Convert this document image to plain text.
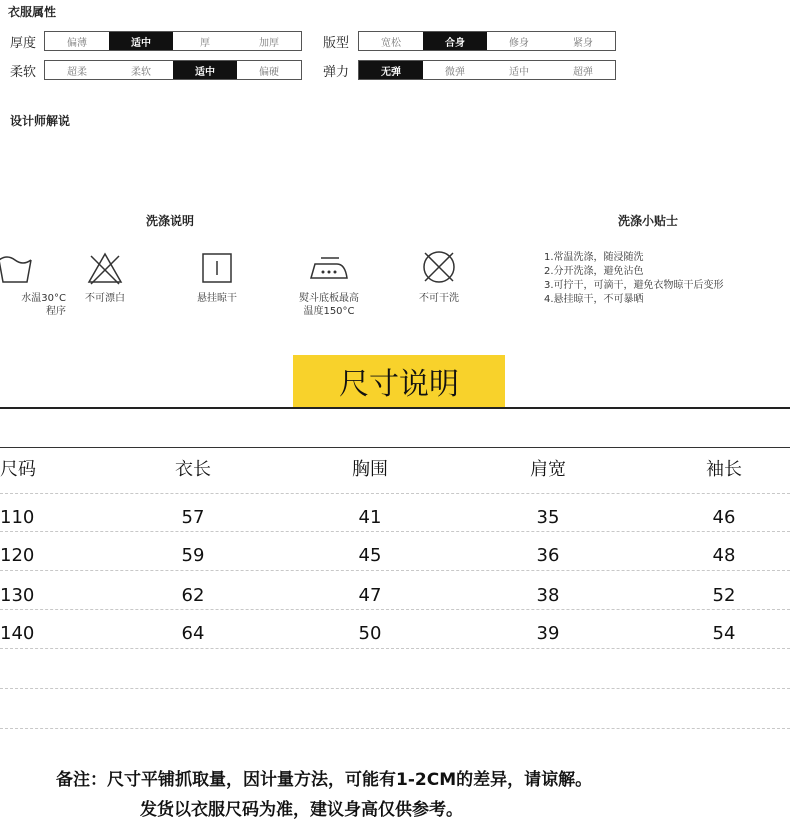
衣服属性
厚度	偏薄	适中	厚	加厚
柔软	超柔	柔软	适中	偏硬
版型	宽松	合身	修身	紧身
弹力	无弹	微弹	适中	超弹
设计师解说
洗涤说明
水温30°C
程序
不可漂白	悬挂晾干	熨斗底板最高
温度150°C
不可干洗
洗涤小贴士
1.常温洗涤，随浸随洗
2.分开洗涤，避免沾色
3.可拧干，可滴干，避免衣物晾干后变形
4.悬挂晾干，不可暴晒
尺寸说明
尺码	衣长	胸围	肩宽	袖长
110	57	41	35	46
120	59	45	36	48
130	62	47	38	52
140	64	50	39	54
备注：尺寸平铺抓取量，因计量方法，可能有1-2CM的差异，请谅解。
发货以衣服尺码为准，建议身高仅供参考。
